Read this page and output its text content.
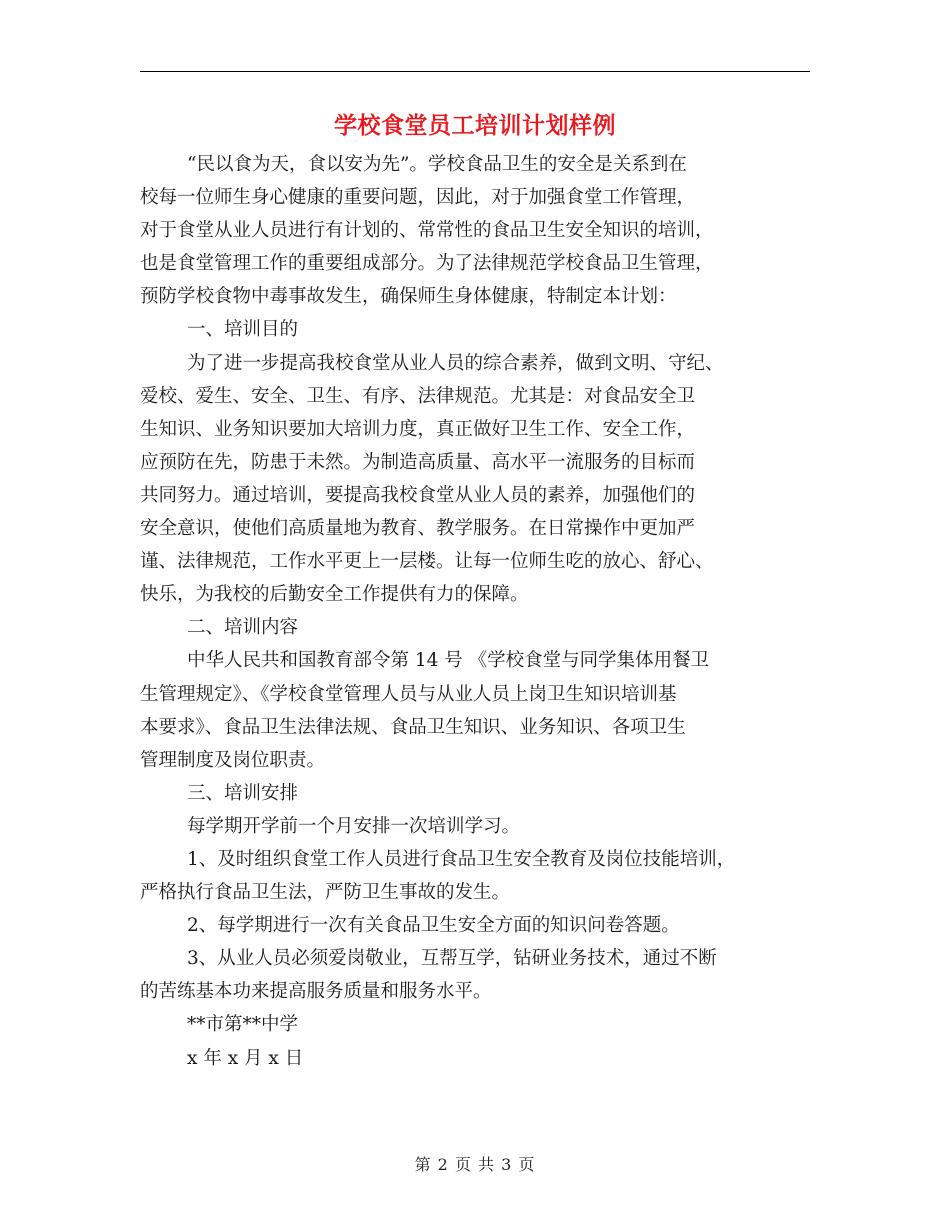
学校食堂员工培训计划样例

“民以食为天，食以安为先”。学校食品卫生的安全是关系到在
校每一位师生身心健康的重要问题，因此，对于加强食堂工作管理，
对于食堂从业人员进行有计划的、常常性的食品卫生安全知识的培训，
也是食堂管理工作的重要组成部分。为了法律规范学校食品卫生管理，
预防学校食物中毒事故发生，确保师生身体健康，特制定本计划：

一、培训目的

为了进一步提高我校食堂从业人员的综合素养，做到文明、守纪、
爱校、爱生、安全、卫生、有序、法律规范。尤其是：对食品安全卫
生知识、业务知识要加大培训力度，真正做好卫生工作、安全工作，
应预防在先，防患于未然。为制造高质量、高水平一流服务的目标而
共同努力。通过培训，要提高我校食堂从业人员的素养，加强他们的
安全意识，使他们高质量地为教育、教学服务。在日常操作中更加严
谨、法律规范，工作水平更上一层楼。让每一位师生吃的放心、舒心、
快乐，为我校的后勤安全工作提供有力的保障。

二、培训内容

中华人民共和国教育部令第 14 号 《学校食堂与同学集体用餐卫
生管理规定》、《学校食堂管理人员与从业人员上岗卫生知识培训基
本要求》、食品卫生法律法规、食品卫生知识、业务知识、各项卫生
管理制度及岗位职责。

三、培训安排

每学期开学前一个月安排一次培训学习。

1、及时组织食堂工作人员进行食品卫生安全教育及岗位技能培训，
严格执行食品卫生法，严防卫生事故的发生。

2、每学期进行一次有关食品卫生安全方面的知识问卷答题。

3、从业人员必须爱岗敬业，互帮互学，钻研业务技术，通过不断
的苦练基本功来提高服务质量和服务水平。

**市第**中学

x 年 x 月 x 日

第 2 页 共 3 页
